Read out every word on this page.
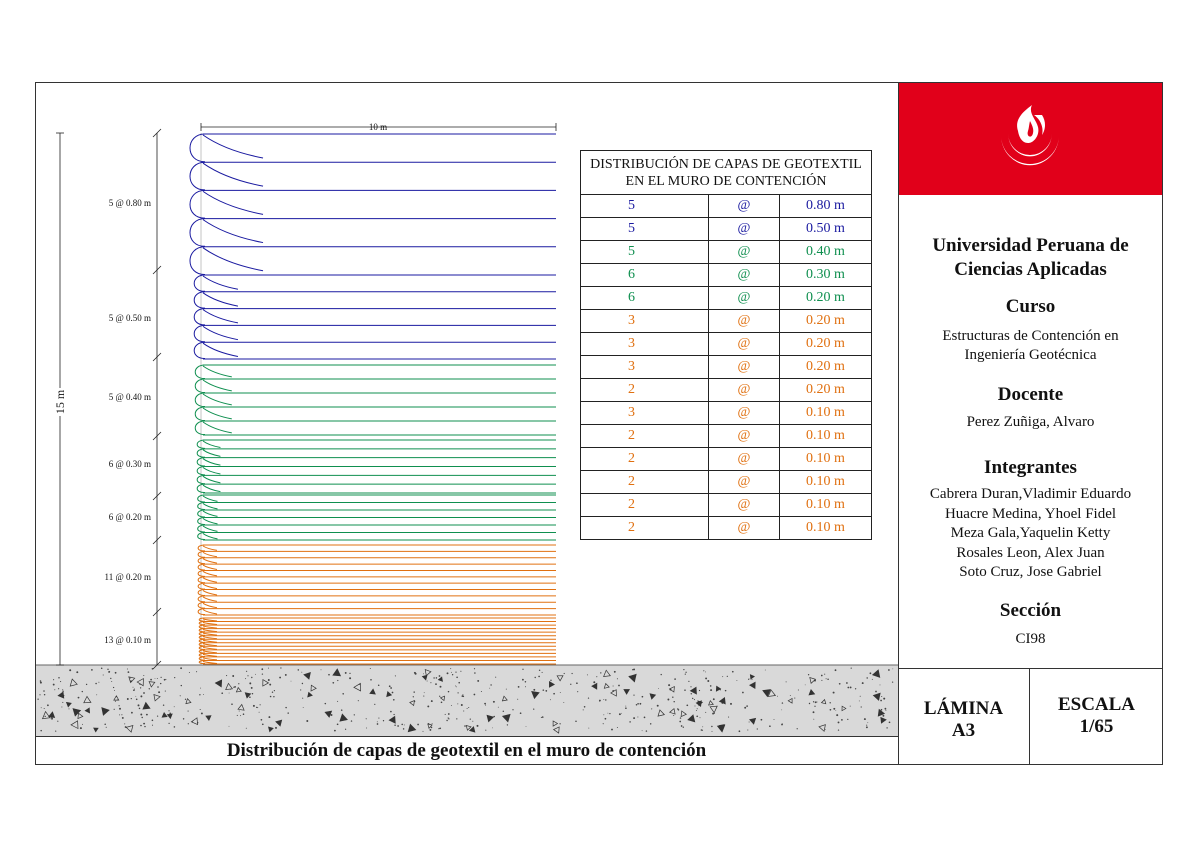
10 m
15 m
5 @ 0.80 m
5 @ 0.50 m
5 @ 0.40 m
6 @ 0.30 m
6 @ 0.20 m
11 @ 0.20 m
13 @ 0.10 m
DISTRIBUCIÓN DE CAPAS DE GEOTEXTIL
EN EL MURO DE CONTENCIÓN		
5	@	0.80 m
5	@	0.50 m
5	@	0.40 m
6	@	0.30 m
6	@	0.20 m
3	@	0.20 m
3	@	0.20 m
3	@	0.20 m
2	@	0.20 m
3	@	0.10 m
2	@	0.10 m
2	@	0.10 m
2	@	0.10 m
2	@	0.10 m
2	@	0.10 m
Distribución de capas de geotextil en el muro de contención
Universidad Peruana de
Ciencias Aplicadas
Curso
Estructuras de Contención en
Ingeniería Geotécnica
Docente
Perez Zuñiga, Alvaro
Integrantes
Cabrera Duran,Vladimir Eduardo
Huacre Medina, Yhoel Fidel
Meza Gala,Yaquelin Ketty
Rosales Leon, Alex Juan
Soto Cruz, Jose Gabriel
Sección
CI98
LÁMINA
A3
ESCALA
1/65
